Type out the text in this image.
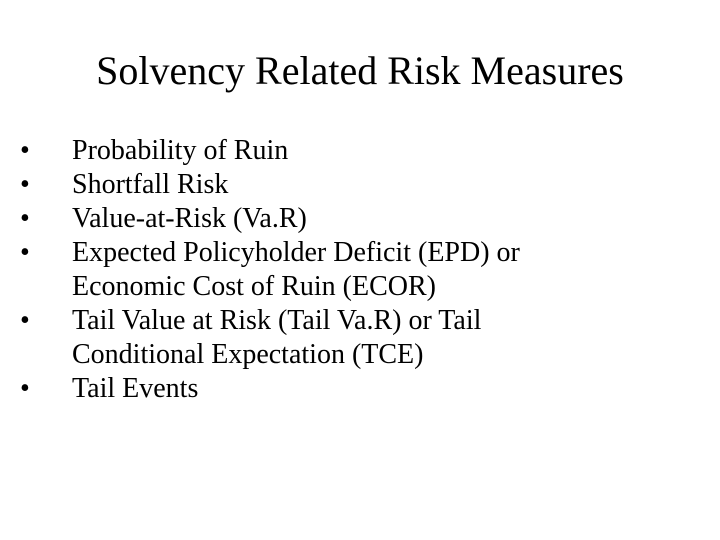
Solvency Related Risk Measures
•	Probability of Ruin
•	Shortfall Risk
•	Value-at-Risk (Va.R)
•	Expected Policyholder Deficit (EPD) or
Economic Cost of Ruin (ECOR)
•	Tail Value at Risk (Tail Va.R) or Tail
Conditional Expectation (TCE)
•	Tail Events
